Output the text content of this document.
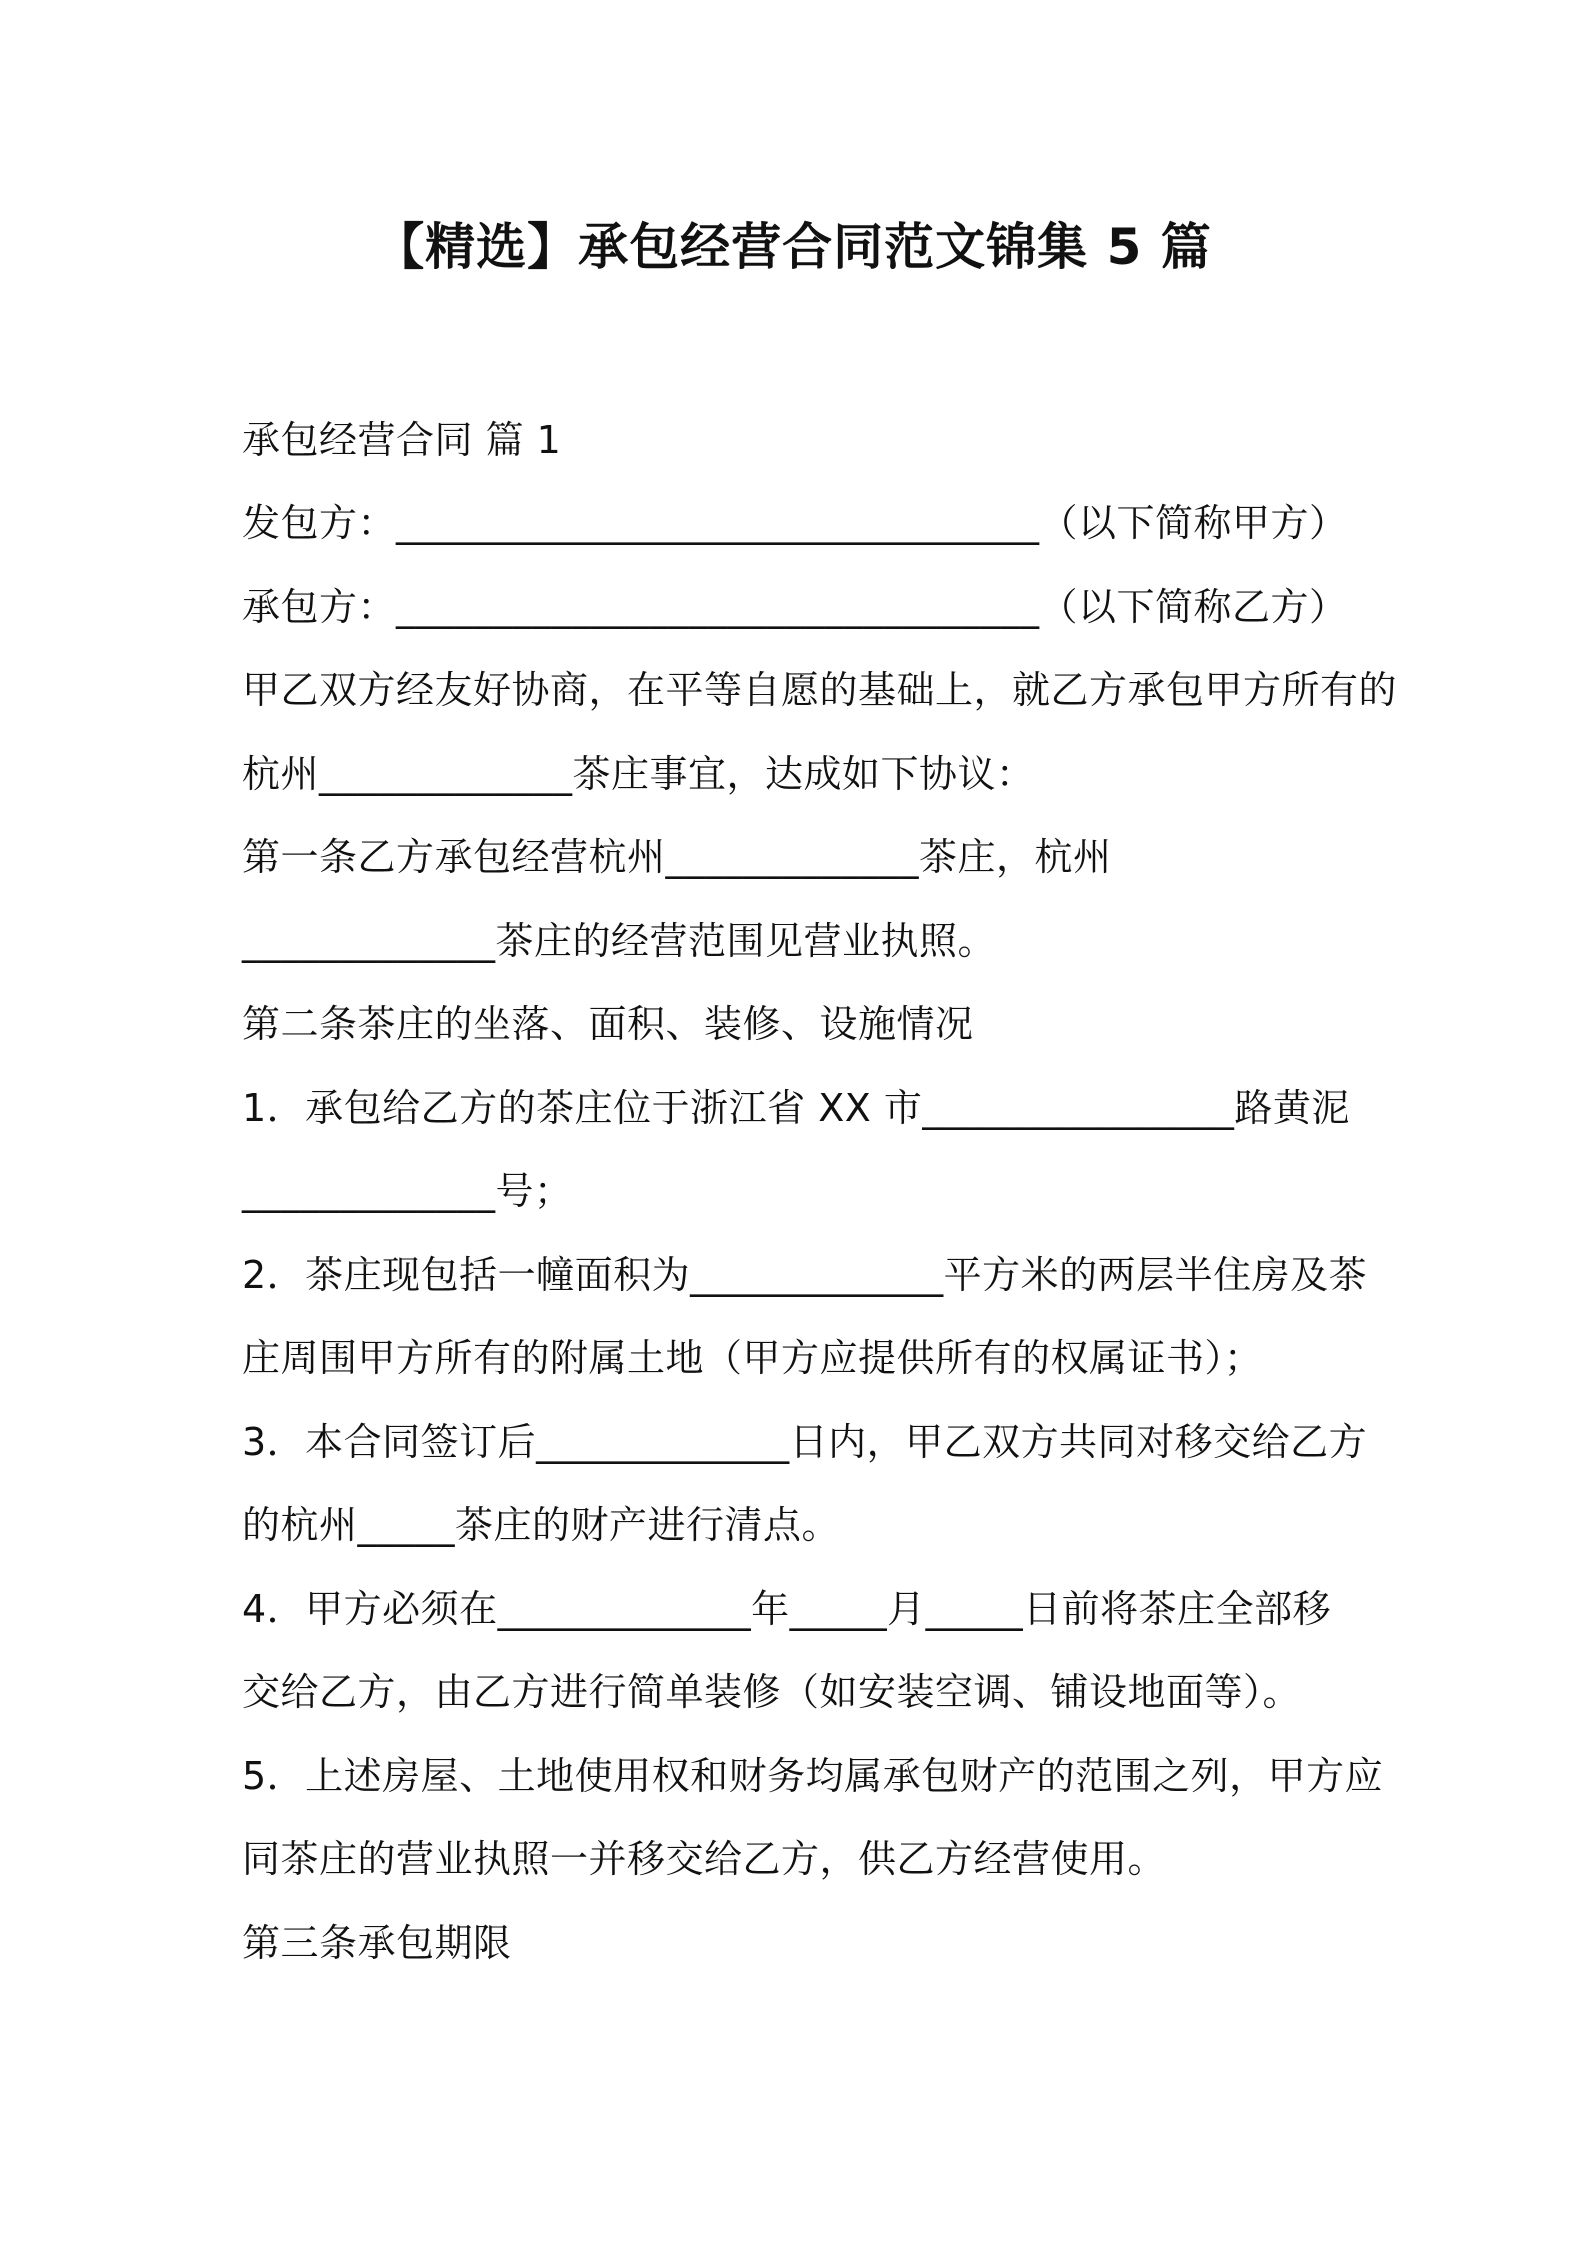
【精选】承包经营合同范文锦集 5 篇
承包经营合同 篇 1
发包方：_________________________________（以下简称甲方）
承包方：_________________________________（以下简称乙方）
甲乙双方经友好协商，在平等自愿的基础上，就乙方承包甲方所有的
杭州_____________茶庄事宜，达成如下协议：
第一条乙方承包经营杭州_____________茶庄，杭州
_____________茶庄的经营范围见营业执照。
第二条茶庄的坐落、面积、装修、设施情况
1．承包给乙方的茶庄位于浙江省 XX 市________________路黄泥
_____________号；
2．茶庄现包括一幢面积为_____________平方米的两层半住房及茶
庄周围甲方所有的附属土地（甲方应提供所有的权属证书）；
3．本合同签订后_____________日内，甲乙双方共同对移交给乙方
的杭州_____茶庄的财产进行清点。
4．甲方必须在_____________年_____月_____日前将茶庄全部移
交给乙方，由乙方进行简单装修（如安装空调、铺设地面等）。
5．上述房屋、土地使用权和财务均属承包财产的范围之列，甲方应
同茶庄的营业执照一并移交给乙方，供乙方经营使用。
第三条承包期限
